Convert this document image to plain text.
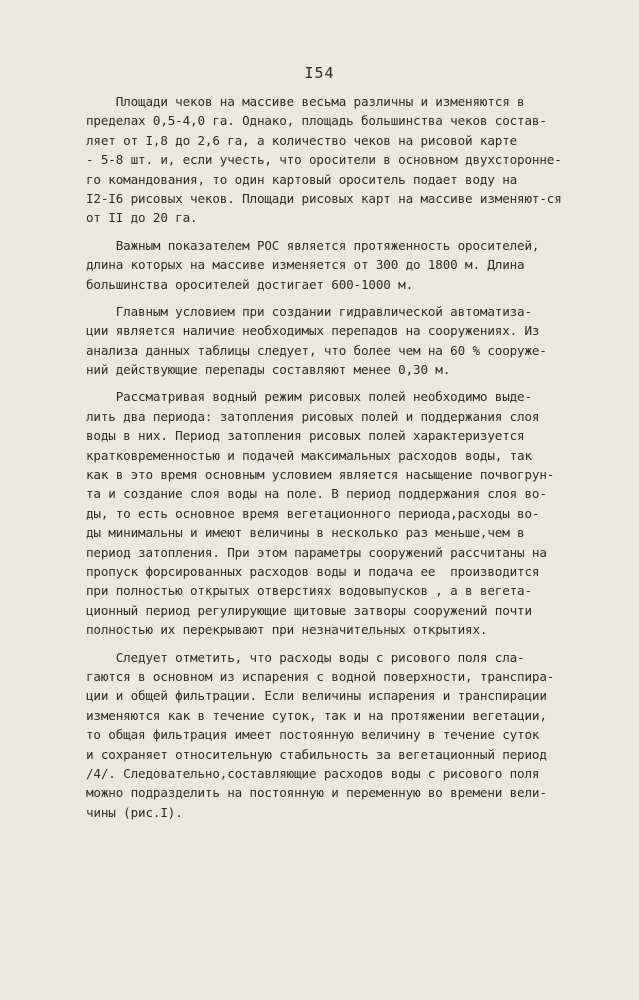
I54
Площади чеков на массиве весьма различны и изменяются в
пределах 0,5-4,0 га. Однако, площадь большинства чеков состав-
ляет от I,8 до 2,6 га, а количество чеков на рисовой карте
- 5-8 шт. и, если учесть, что оросители в основном двухсторонне-
го командования, то один картовый ороситель подает воду на
I2-I6 рисовых чеков. Площади рисовых карт на массиве изменяют-ся
от II до 20 га.
Важным показателем РОС является протяженность оросителей,
длина которых на массиве изменяется от 300 до 1800 м. Длина
большинства оросителей достигает 600-1000 м.
Главным условием при создании гидравлической автоматиза-
ции является наличие необходимых перепадов на сооружениях. Из
анализа данных таблицы следует, что более чем на 60 % сооруже-
ний действующие перепады составляют менее 0,30 м.
Рассматривая водный режим рисовых полей необходимо выде-
лить два периода: затопления рисовых полей и поддержания слоя
воды в них. Период затопления рисовых полей характеризуется
кратковременностью и подачей максимальных расходов воды, так
как в это время основным условием является насыщение почвогрун-
та и создание слоя воды на поле. В период поддержания слоя во-
ды, то есть основное время вегетационного периода,расходы во-
ды минимальны и имеют величины в несколько раз меньше,чем в
период затопления. При этом параметры сооружений рассчитаны на
пропуск форсированных расходов воды и подача ее  производится
при полностью открытых отверстиях водовыпусков , а в вегета-
ционный период регулирующие щитовые затворы сооружений почти
полностью их перекрывают при незначительных открытиях.
Следует отметить, что расходы воды с рисового поля сла-
гаются в основном из испарения с водной поверхности, транспира-
ции и общей фильтрации. Если величины испарения и транспирации
изменяются как в течение суток, так и на протяжении вегетации,
то общая фильтрация имеет постоянную величину в течение суток
и сохраняет относительную стабильность за вегетационный период
/4/. Следовательно,составляющие расходов воды с рисового поля
можно подразделить на постоянную и переменную во времени вели-
чины (рис.I).
